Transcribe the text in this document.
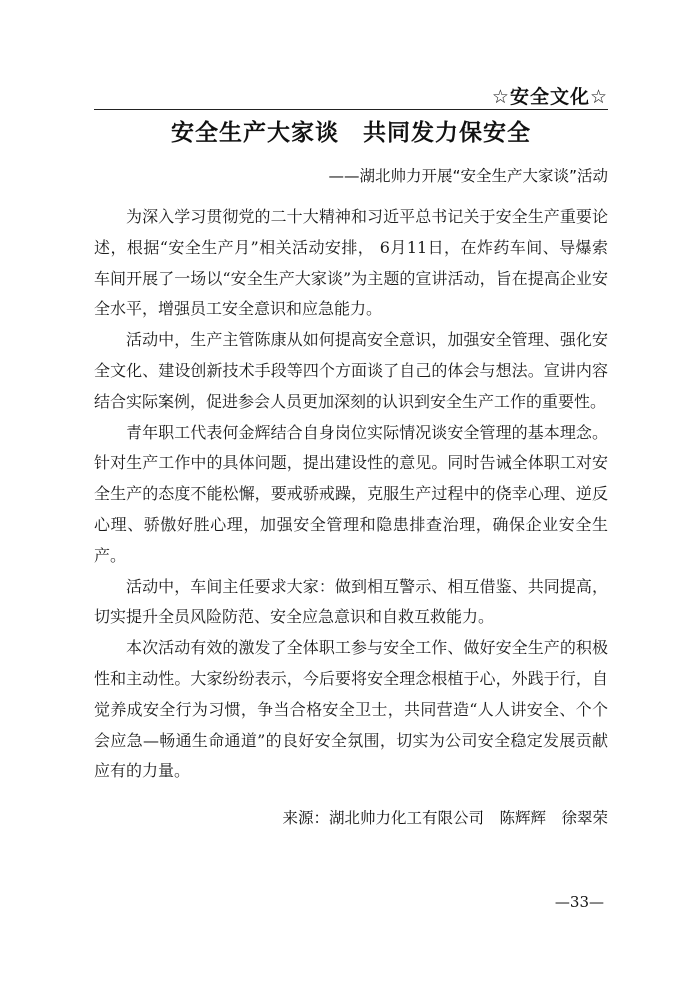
☆安全文化☆
安全生产大家谈　共同发力保安全
——湖北帅力开展“安全生产大家谈”活动

为深入学习贯彻党的二十大精神和习近平总书记关于安全生产重要论述，根据“安全生产月”相关活动安排， 6月11日，在炸药车间、导爆索车间开展了一场以“安全生产大家谈”为主题的宣讲活动，旨在提高企业安全水平，增强员工安全意识和应急能力。

活动中，生产主管陈康从如何提高安全意识，加强安全管理、强化安全文化、建设创新技术手段等四个方面谈了自己的体会与想法。宣讲内容结合实际案例，促进参会人员更加深刻的认识到安全生产工作的重要性。

青年职工代表何金辉结合自身岗位实际情况谈安全管理的基本理念。针对生产工作中的具体问题，提出建设性的意见。同时告诫全体职工对安全生产的态度不能松懈，要戒骄戒躁，克服生产过程中的侥幸心理、逆反心理、骄傲好胜心理，加强安全管理和隐患排查治理，确保企业安全生产。

活动中，车间主任要求大家：做到相互警示、相互借鉴、共同提高，切实提升全员风险防范、安全应急意识和自救互救能力。

本次活动有效的激发了全体职工参与安全工作、做好安全生产的积极性和主动性。大家纷纷表示，今后要将安全理念根植于心，外践于行，自觉养成安全行为习惯，争当合格安全卫士，共同营造“人人讲安全、个个会应急—畅通生命通道”的良好安全氛围，切实为公司安全稳定发展贡献应有的力量。

来源：湖北帅力化工有限公司　陈辉辉　徐翠荣
—33—
